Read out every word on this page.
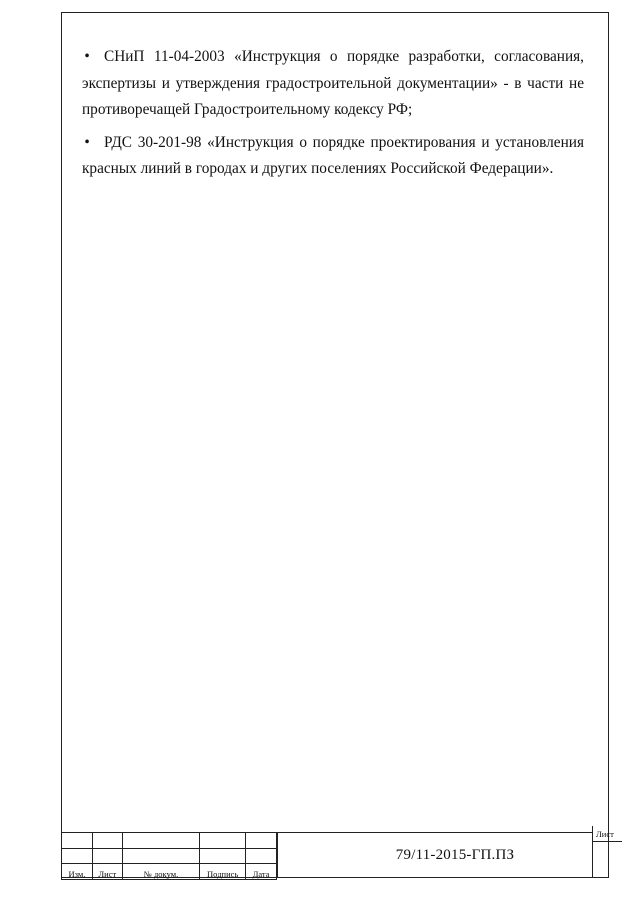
• СНиП 11-04-2003 «Инструкция о порядке разработки, согласования, экспертизы и утверждения градостроительной документации» - в части не противоречащей Градостроительному кодексу РФ;
• РДС 30-201-98 «Инструкция о порядке проектирования и установления красных линий в городах и других поселениях Российской Федерации».

Изм.	Лист	№ докум.	Подпись	Дата
79/11-2015-ГП.ПЗ
Лист
